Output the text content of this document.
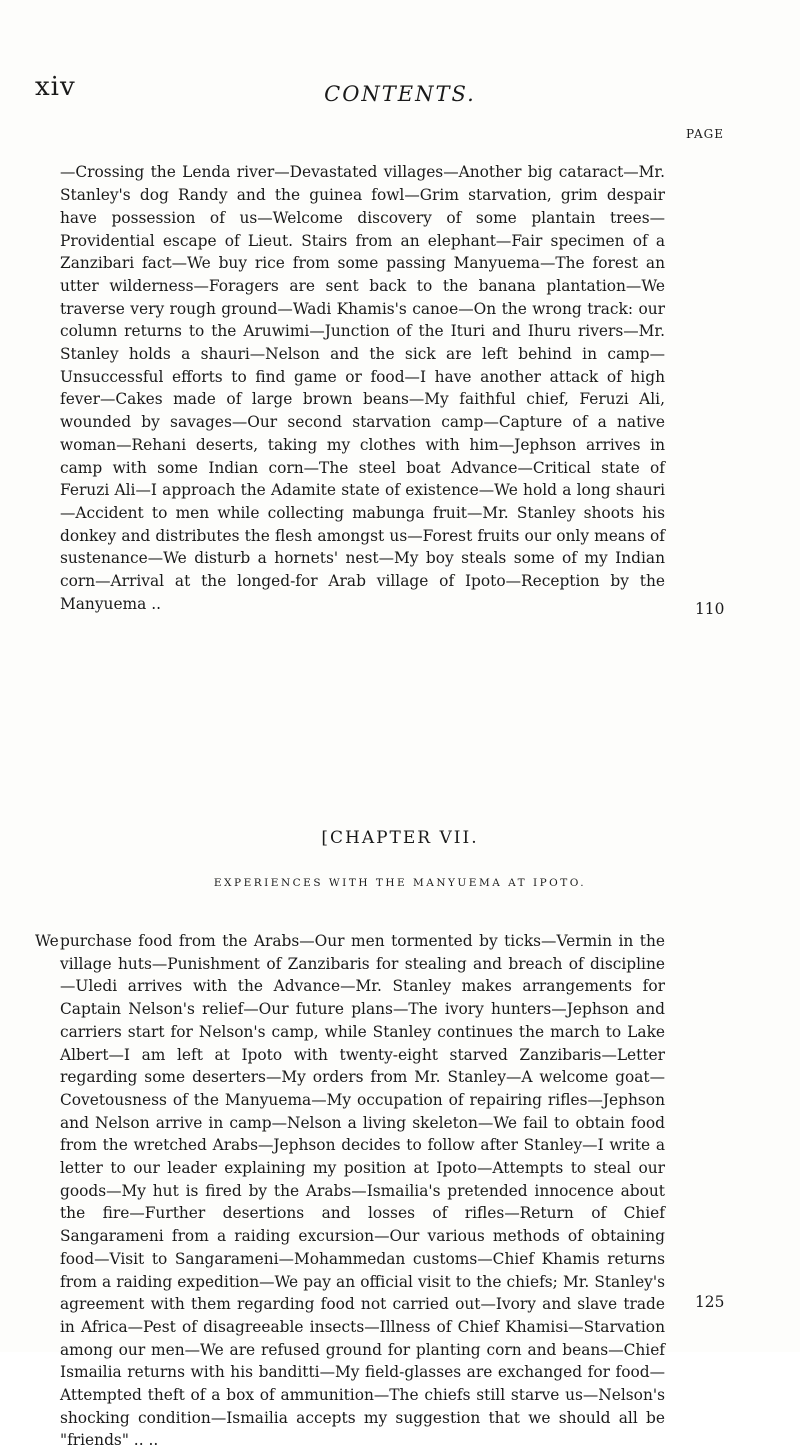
xiv	CONTENTS.
PAGE

—Crossing the Lenda river—Devastated villages—Another big cataract—Mr. Stanley's dog Randy and the guinea fowl—Grim starvation, grim despair have possession of us—Welcome discovery of some plantain trees—Providential escape of Lieut. Stairs from an elephant—Fair specimen of a Zanzibari fact—We buy rice from some passing Manyuema—The forest an utter wilderness—Foragers are sent back to the banana plantation—We traverse very rough ground—Wadi Khamis's canoe—On the wrong track: our column returns to the Aruwimi—Junction of the Ituri and Ihuru rivers—Mr. Stanley holds a shauri—Nelson and the sick are left behind in camp—Unsuccessful efforts to find game or food—I have another attack of high fever—Cakes made of large brown beans—My faithful chief, Feruzi Ali, wounded by savages—Our second starvation camp—Capture of a native woman—Rehani deserts, taking my clothes with him—Jephson arrives in camp with some Indian corn—The steel boat Advance—Critical state of Feruzi Ali—I approach the Adamite state of existence—We hold a long shauri—Accident to men while collecting mabunga fruit—Mr. Stanley shoots his donkey and distributes the flesh amongst us—Forest fruits our only means of sustenance—We disturb a hornets' nest—My boy steals some of my Indian corn—Arrival at the longed-for Arab village of Ipoto—Reception by the Manyuema ..	110
[CHAPTER VII.
EXPERIENCES WITH THE MANYUEMA AT IPOTO.
We purchase food from the Arabs—Our men tormented by ticks—Vermin in the village huts—Punishment of Zanzibaris for stealing and breach of discipline—Uledi arrives with the Advance—Mr. Stanley makes arrangements for Captain Nelson's relief—Our future plans—The ivory hunters—Jephson and carriers start for Nelson's camp, while Stanley continues the march to Lake Albert—I am left at Ipoto with twenty-eight starved Zanzibaris—Letter regarding some deserters—My orders from Mr. Stanley—A welcome goat—Covetousness of the Manyuema—My occupation of repairing rifles—Jephson and Nelson arrive in camp—Nelson a living skeleton—We fail to obtain food from the wretched Arabs—Jephson decides to follow after Stanley—I write a letter to our leader explaining my position at Ipoto—Attempts to steal our goods—My hut is fired by the Arabs—Ismailia's pretended innocence about the fire—Further desertions and losses of rifles—Return of Chief Sangarameni from a raiding excursion—Our various methods of obtaining food—Visit to Sangarameni—Mohammedan customs—Chief Khamis returns from a raiding expedition—We pay an official visit to the chiefs; Mr. Stanley's agreement with them regarding food not carried out—Ivory and slave trade in Africa—Pest of disagreeable insects—Illness of Chief Khamisi—Starvation among our men—We are refused ground for planting corn and beans—Chief Ismailia returns with his banditti—My field-glasses are exchanged for food—Attempted theft of a box of ammunition—The chiefs still starve us—Nelson's shocking condition—Ismailia accepts my suggestion that we should all be "friends" .. ..
125
